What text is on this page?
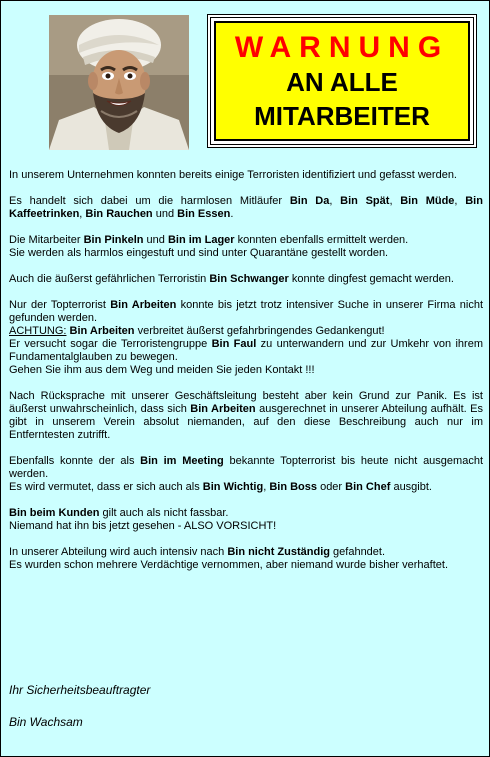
WARNUNG
AN ALLE
MITARBEITER

In unserem Unternehmen konnten bereits einige Terroristen identifiziert und gefasst werden.

Es handelt sich dabei um die harmlosen Mitläufer Bin Da, Bin Spät, Bin Müde, Bin Kaffeetrinken, Bin Rauchen und Bin Essen.

Die Mitarbeiter Bin Pinkeln und Bin im Lager konnten ebenfalls ermittelt werden.
Sie werden als harmlos eingestuft und sind unter Quarantäne gestellt worden.

Auch die äußerst gefährlichen Terroristin Bin Schwanger konnte dingfest gemacht werden.

Nur der Topterrorist Bin Arbeiten konnte bis jetzt trotz intensiver Suche in unserer Firma nicht gefunden werden.
ACHTUNG: Bin Arbeiten verbreitet äußerst gefahrbringendes Gedankengut!
Er versucht sogar die Terroristengruppe Bin Faul zu unterwandern und zur Umkehr von ihrem Fundamentalglauben zu bewegen.
Gehen Sie ihm aus dem Weg und meiden Sie jeden Kontakt !!!

Nach Rücksprache mit unserer Geschäftsleitung besteht aber kein Grund zur Panik. Es ist äußerst unwahrscheinlich, dass sich Bin Arbeiten ausgerechnet in unserer Abteilung aufhält. Es gibt in unserem Verein absolut niemanden, auf den diese Beschreibung auch nur im Entferntesten zutrifft.

Ebenfalls konnte der als Bin im Meeting bekannte Topterrorist bis heute nicht ausgemacht werden.
Es wird vermutet, dass er sich auch als Bin Wichtig, Bin Boss oder Bin Chef ausgibt.

Bin beim Kunden gilt auch als nicht fassbar.
Niemand hat ihn bis jetzt gesehen - ALSO VORSICHT!

In unserer Abteilung wird auch intensiv nach Bin nicht Zuständig gefahndet.
Es wurden schon mehrere Verdächtige vernommen, aber niemand wurde bisher verhaftet.

Ihr Sicherheitsbeauftragter
Bin Wachsam
